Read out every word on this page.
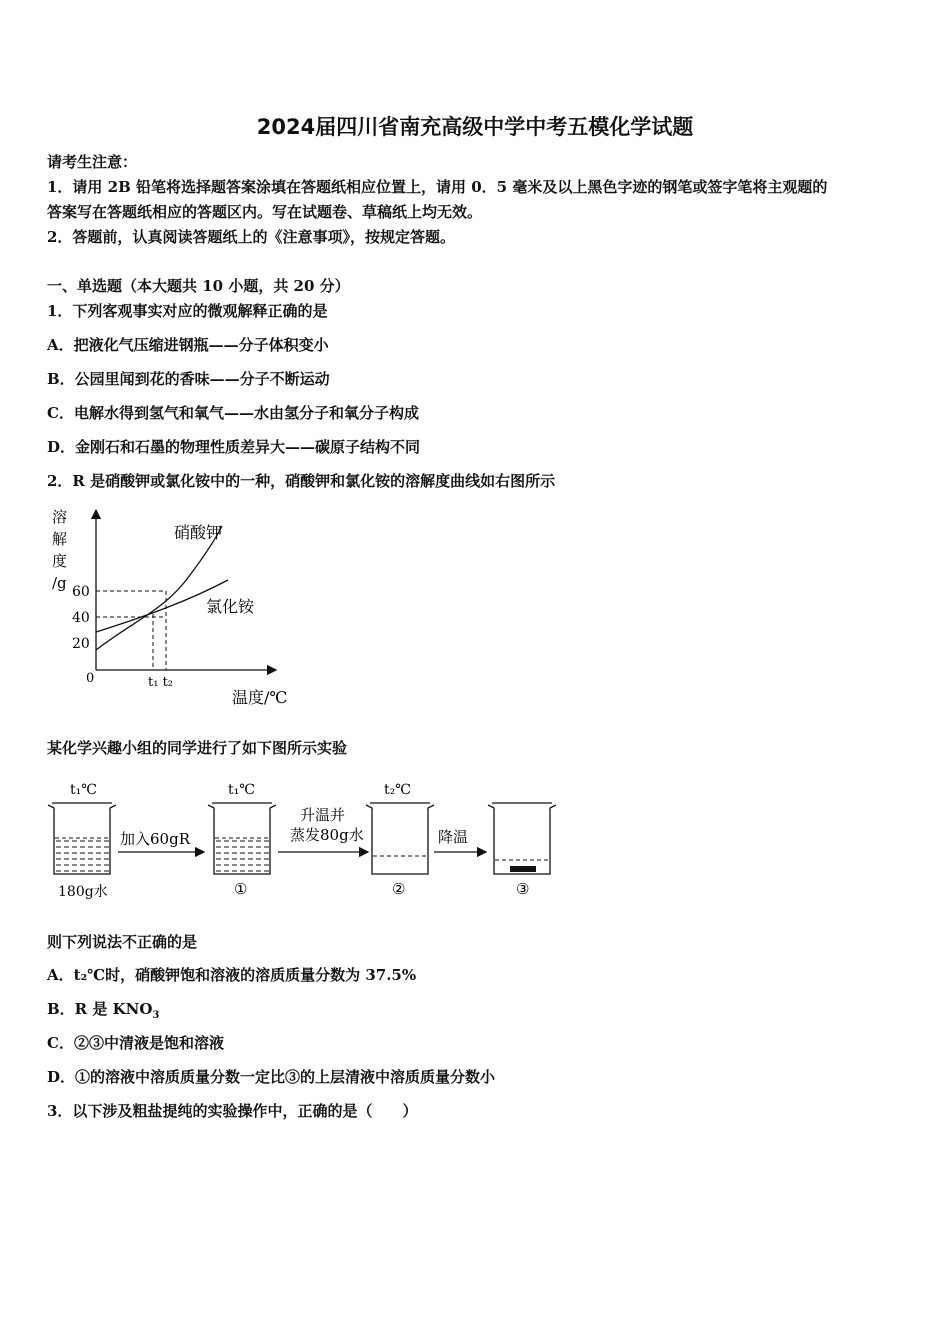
2024届四川省南充高级中学中考五模化学试题
请考生注意：
1．请用 2B 铅笔将选择题答案涂填在答题纸相应位置上，请用 0．5 毫米及以上黑色字迹的钢笔或签字笔将主观题的
答案写在答题纸相应的答题区内。写在试题卷、草稿纸上均无效。
2．答题前，认真阅读答题纸上的《注意事项》，按规定答题。
一、单选题（本大题共 10 小题，共 20 分）
1．下列客观事实对应的微观解释正确的是
A．把液化气压缩进钢瓶——分子体积变小
B．公园里闻到花的香味——分子不断运动
C．电解水得到氢气和氧气——水由氢分子和氧分子构成
D．金刚石和石墨的物理性质差异大——碳原子结构不同
2．R 是硝酸钾或氯化铵中的一种，硝酸钾和氯化铵的溶解度曲线如右图所示
溶
解
度
/g 60
40
20
0
硝酸钾
氯化铵
t₁ t₂
温度/℃
某化学兴趣小组的同学进行了如下图所示实验
t₁℃
180g水
加入60gR
t₁℃
①
升温并
蒸发80g水
t₂℃
②
降温
③
则下列说法不正确的是
A．t₂℃时，硝酸钾饱和溶液的溶质质量分数为 37.5%
B．R 是 $KNO_3$
C．②③中清液是饱和溶液
D．①的溶液中溶质质量分数一定比③的上层清液中溶质质量分数小
3．以下涉及粗盐提纯的实验操作中，正确的是（　　）
